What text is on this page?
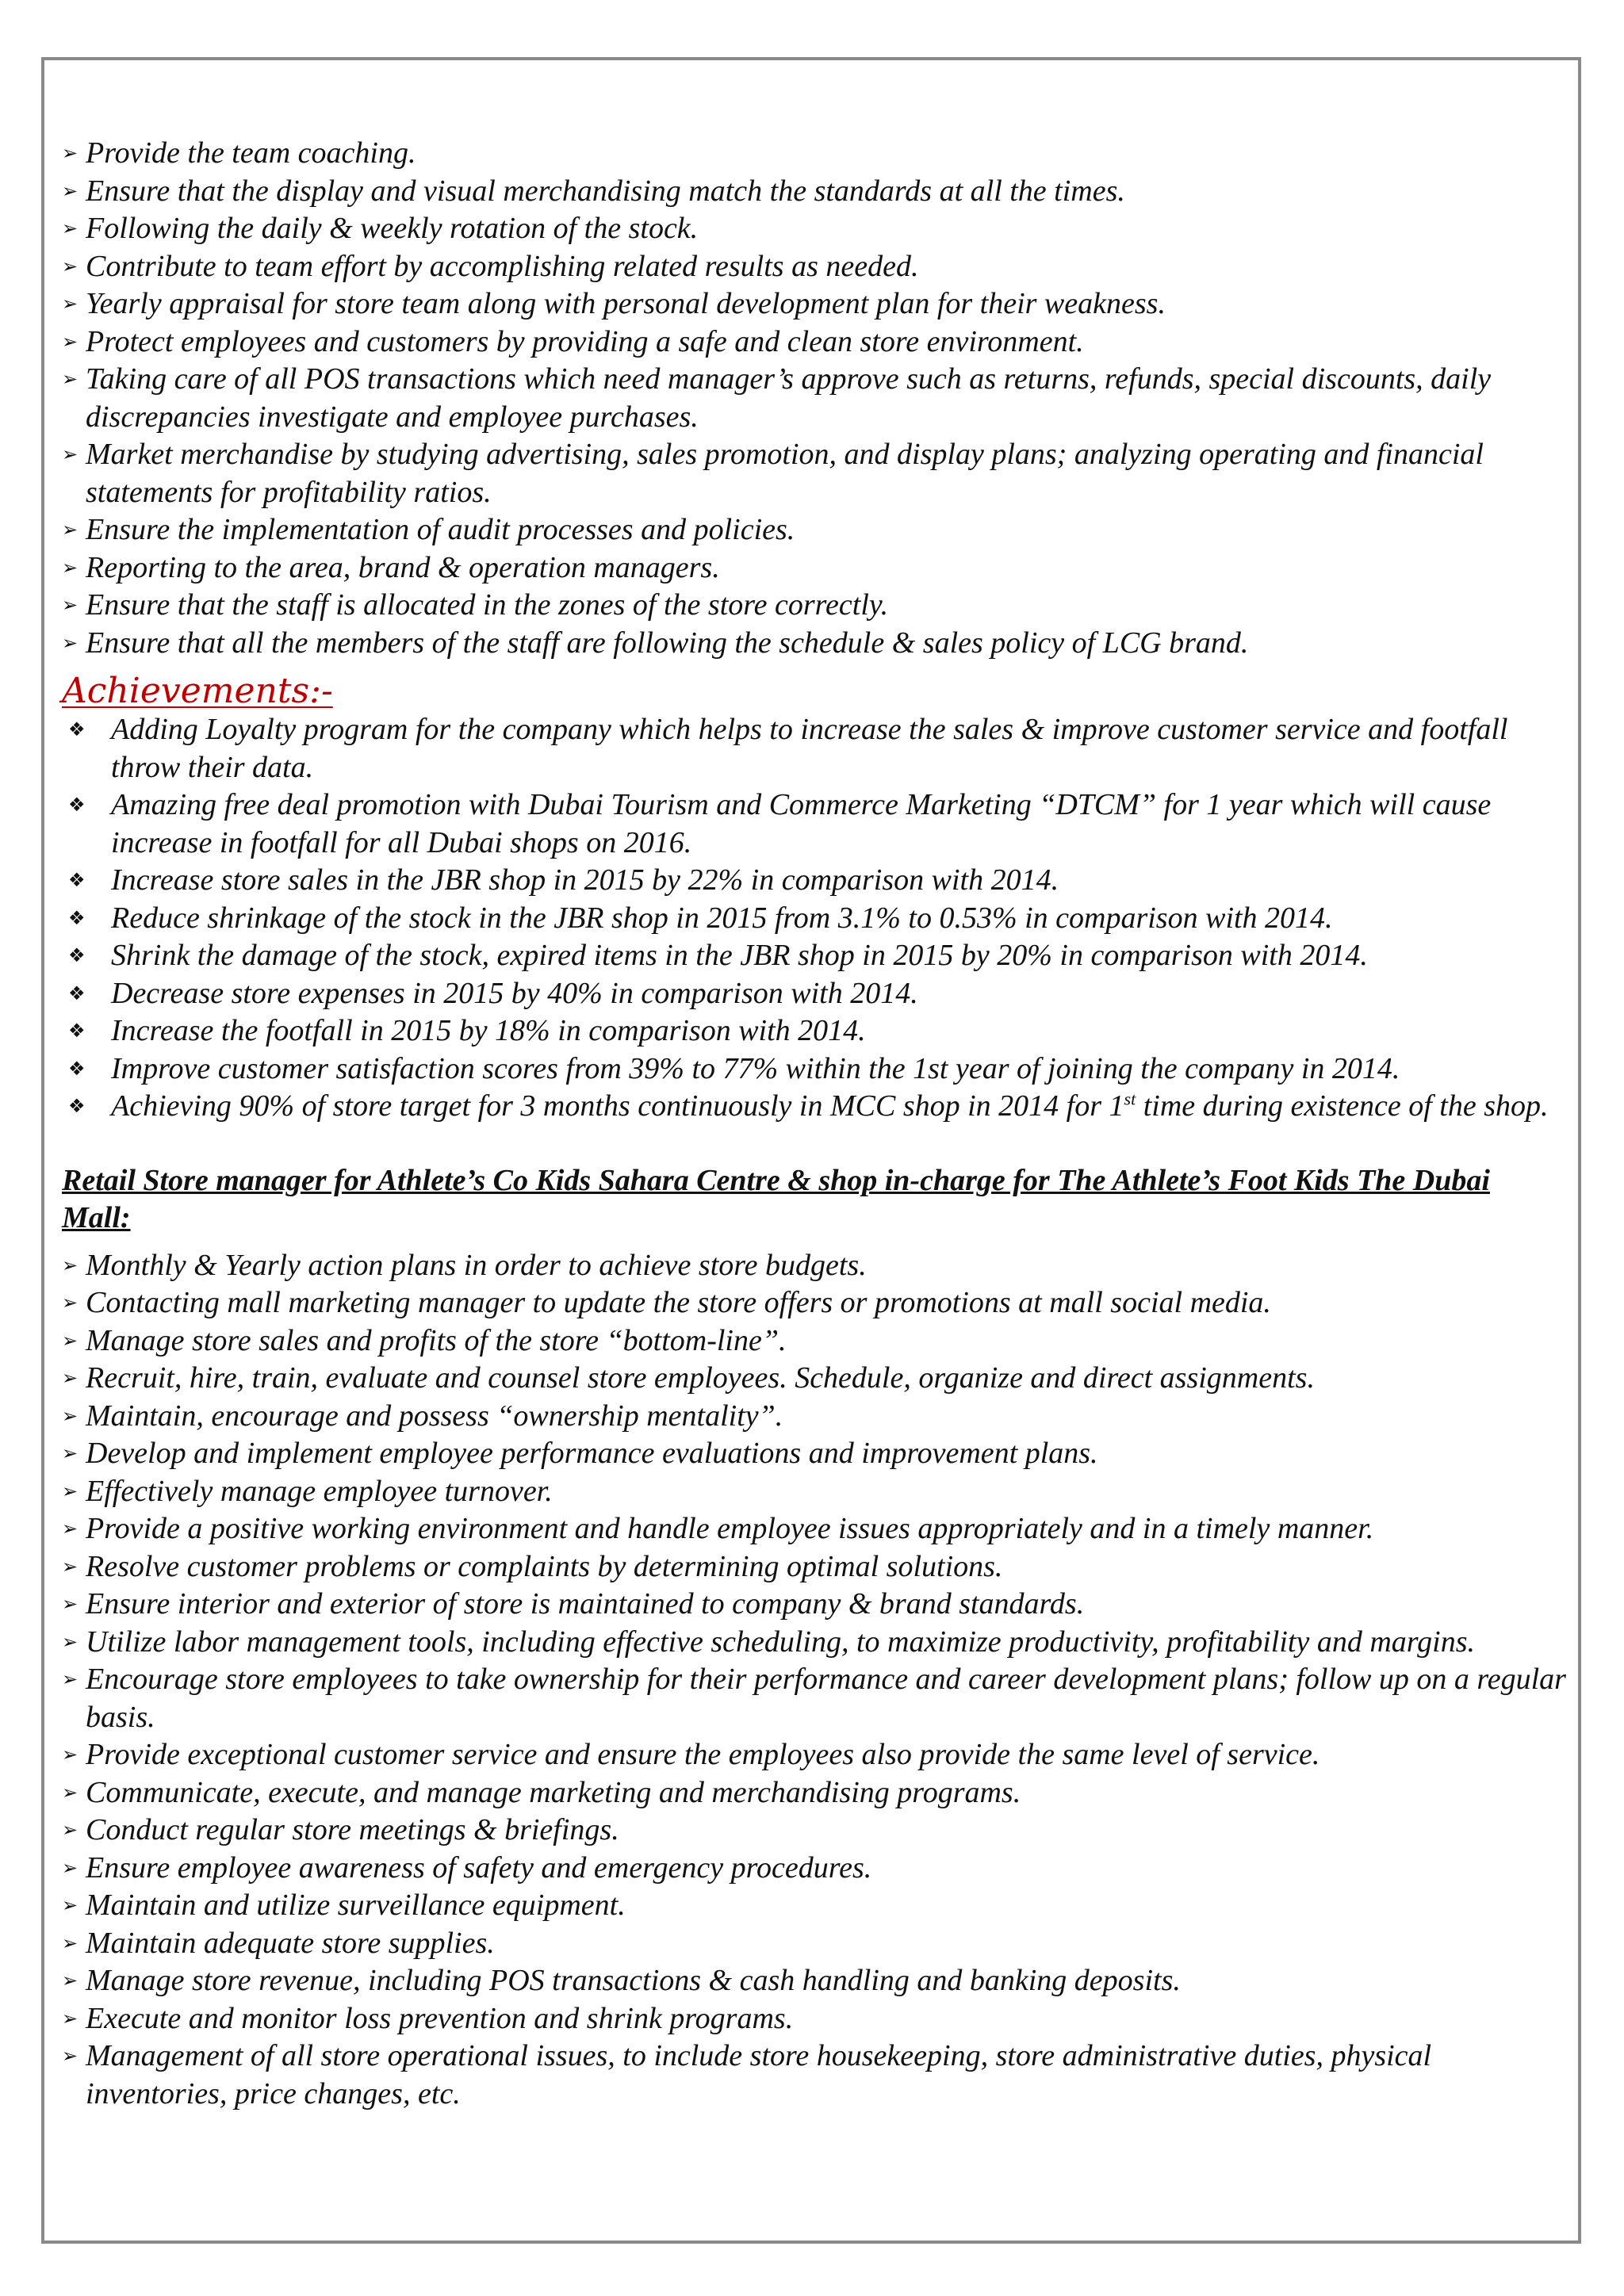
➢ Provide the team coaching.
➢ Ensure that the display and visual merchandising match the standards at all the times.
➢ Following the daily & weekly rotation of the stock.
➢ Contribute to team effort by accomplishing related results as needed.
➢ Yearly appraisal for store team along with personal development plan for their weakness.
➢ Protect employees and customers by providing a safe and clean store environment.
➢ Taking care of all POS transactions which need manager’s approve such as returns, refunds, special discounts, daily discrepancies investigate and employee purchases.
➢ Market merchandise by studying advertising, sales promotion, and display plans; analyzing operating and financial statements for profitability ratios.
➢ Ensure the implementation of audit processes and policies.
➢ Reporting to the area, brand & operation managers.
➢ Ensure that the staff is allocated in the zones of the store correctly.
➢ Ensure that all the members of the staff are following the schedule & sales policy of LCG brand.
Achievements:-
❖ Adding Loyalty program for the company which helps to increase the sales & improve customer service and footfall throw their data.
❖ Amazing free deal promotion with Dubai Tourism and Commerce Marketing “DTCM” for 1 year which will cause increase in footfall for all Dubai shops on 2016.
❖ Increase store sales in the JBR shop in 2015 by 22% in comparison with 2014.
❖ Reduce shrinkage of the stock in the JBR shop in 2015 from 3.1% to 0.53% in comparison with 2014.
❖ Shrink the damage of the stock, expired items in the JBR shop in 2015 by 20% in comparison with 2014.
❖ Decrease store expenses in 2015 by 40% in comparison with 2014.
❖ Increase the footfall in 2015 by 18% in comparison with 2014.
❖ Improve customer satisfaction scores from 39% to 77% within the 1st year of joining the company in 2014.
❖ Achieving 90% of store target for 3 months continuously in MCC shop in 2014 for 1st time during existence of the shop.
Retail Store manager for Athlete’s Co Kids Sahara Centre & shop in-charge for The Athlete’s Foot Kids The Dubai Mall:
➢ Monthly & Yearly action plans in order to achieve store budgets.
➢ Contacting mall marketing manager to update the store offers or promotions at mall social media.
➢ Manage store sales and profits of the store “bottom-line”.
➢ Recruit, hire, train, evaluate and counsel store employees. Schedule, organize and direct assignments.
➢ Maintain, encourage and possess “ownership mentality”.
➢ Develop and implement employee performance evaluations and improvement plans.
➢ Effectively manage employee turnover.
➢ Provide a positive working environment and handle employee issues appropriately and in a timely manner.
➢ Resolve customer problems or complaints by determining optimal solutions.
➢ Ensure interior and exterior of store is maintained to company & brand standards.
➢ Utilize labor management tools, including effective scheduling, to maximize productivity, profitability and margins.
➢ Encourage store employees to take ownership for their performance and career development plans; follow up on a regular basis.
➢ Provide exceptional customer service and ensure the employees also provide the same level of service.
➢ Communicate, execute, and manage marketing and merchandising programs.
➢ Conduct regular store meetings & briefings.
➢ Ensure employee awareness of safety and emergency procedures.
➢ Maintain and utilize surveillance equipment.
➢ Maintain adequate store supplies.
➢ Manage store revenue, including POS transactions & cash handling and banking deposits.
➢ Execute and monitor loss prevention and shrink programs.
➢ Management of all store operational issues, to include store housekeeping, store administrative duties, physical inventories, price changes, etc.
